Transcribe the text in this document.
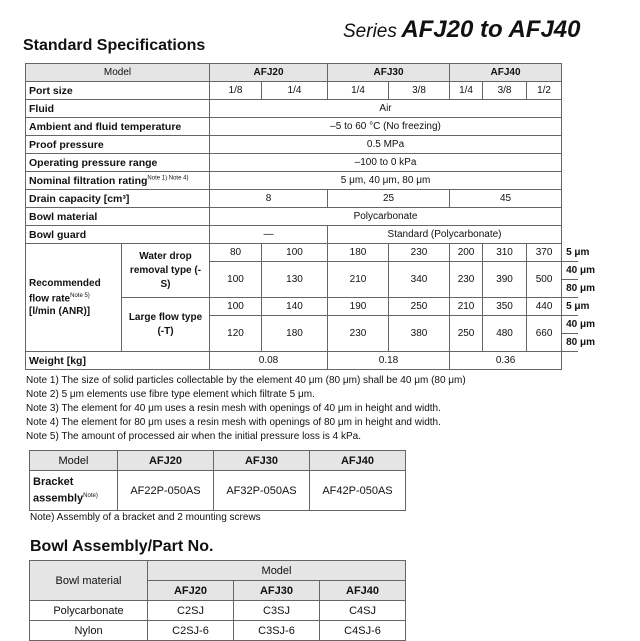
Series AFJ20 to AFJ40
Standard Specifications
Model		AFJ20		AFJ30		AFJ40			
Port size		1/8	1/4	1/4	3/8	1/4	3/8	1/2	
Fluid		Air							
Ambient and fluid temperature		–5 to 60 °C (No freezing)							
Proof pressure		0.5 MPa							
Operating pressure range		–100 to 0 kPa							
Nominal filtration rating$^{Note 1) Note 4)}$		5 μm, 40 μm, 80 μm							
Drain capacity [cm³]		8		25		45			
Bowl material		Polycarbonate							
Bowl guard		—		Standard (Polycarbonate)					
Recommended
flow rate$^{Note 5)}$
[l/min (ANR)]	Water drop removal type (-S)	80	100	180	230	200	310	370	5 μm
		100	130	210	340	230	390	500	40 μm
									80 μm
	Large flow type (-T)	100	140	190	250	210	350	440	5 μm
		120	180	230	380	250	480	660	40 μm
									80 μm
Weight [kg]		0.08		0.18		0.36			
Note 1) The size of solid particles collectable by the element 40 μm (80 μm) shall be 40 μm (80 μm)
Note 2) 5 μm elements use fibre type element which filtrate 5 μm.
Note 3) The element for 40 μm uses a resin mesh with openings of 40 μm in height and width.
Note 4) The element for 80 μm uses a resin mesh with openings of 80 μm in height and width.
Note 5) The amount of processed air when the initial pressure loss is 4 kPa.
Model	AFJ20	AFJ30	AFJ40
Bracket
assembly$^{Note)}$	AF22P-050AS	AF32P-050AS	AF42P-050AS
Note) Assembly of a bracket and 2 mounting screws
Bowl Assembly/Part No.
Bowl material	Model		
	AFJ20	AFJ30	AFJ40
Polycarbonate	C2SJ	C3SJ	C4SJ
Nylon	C2SJ-6	C3SJ-6	C4SJ-6
